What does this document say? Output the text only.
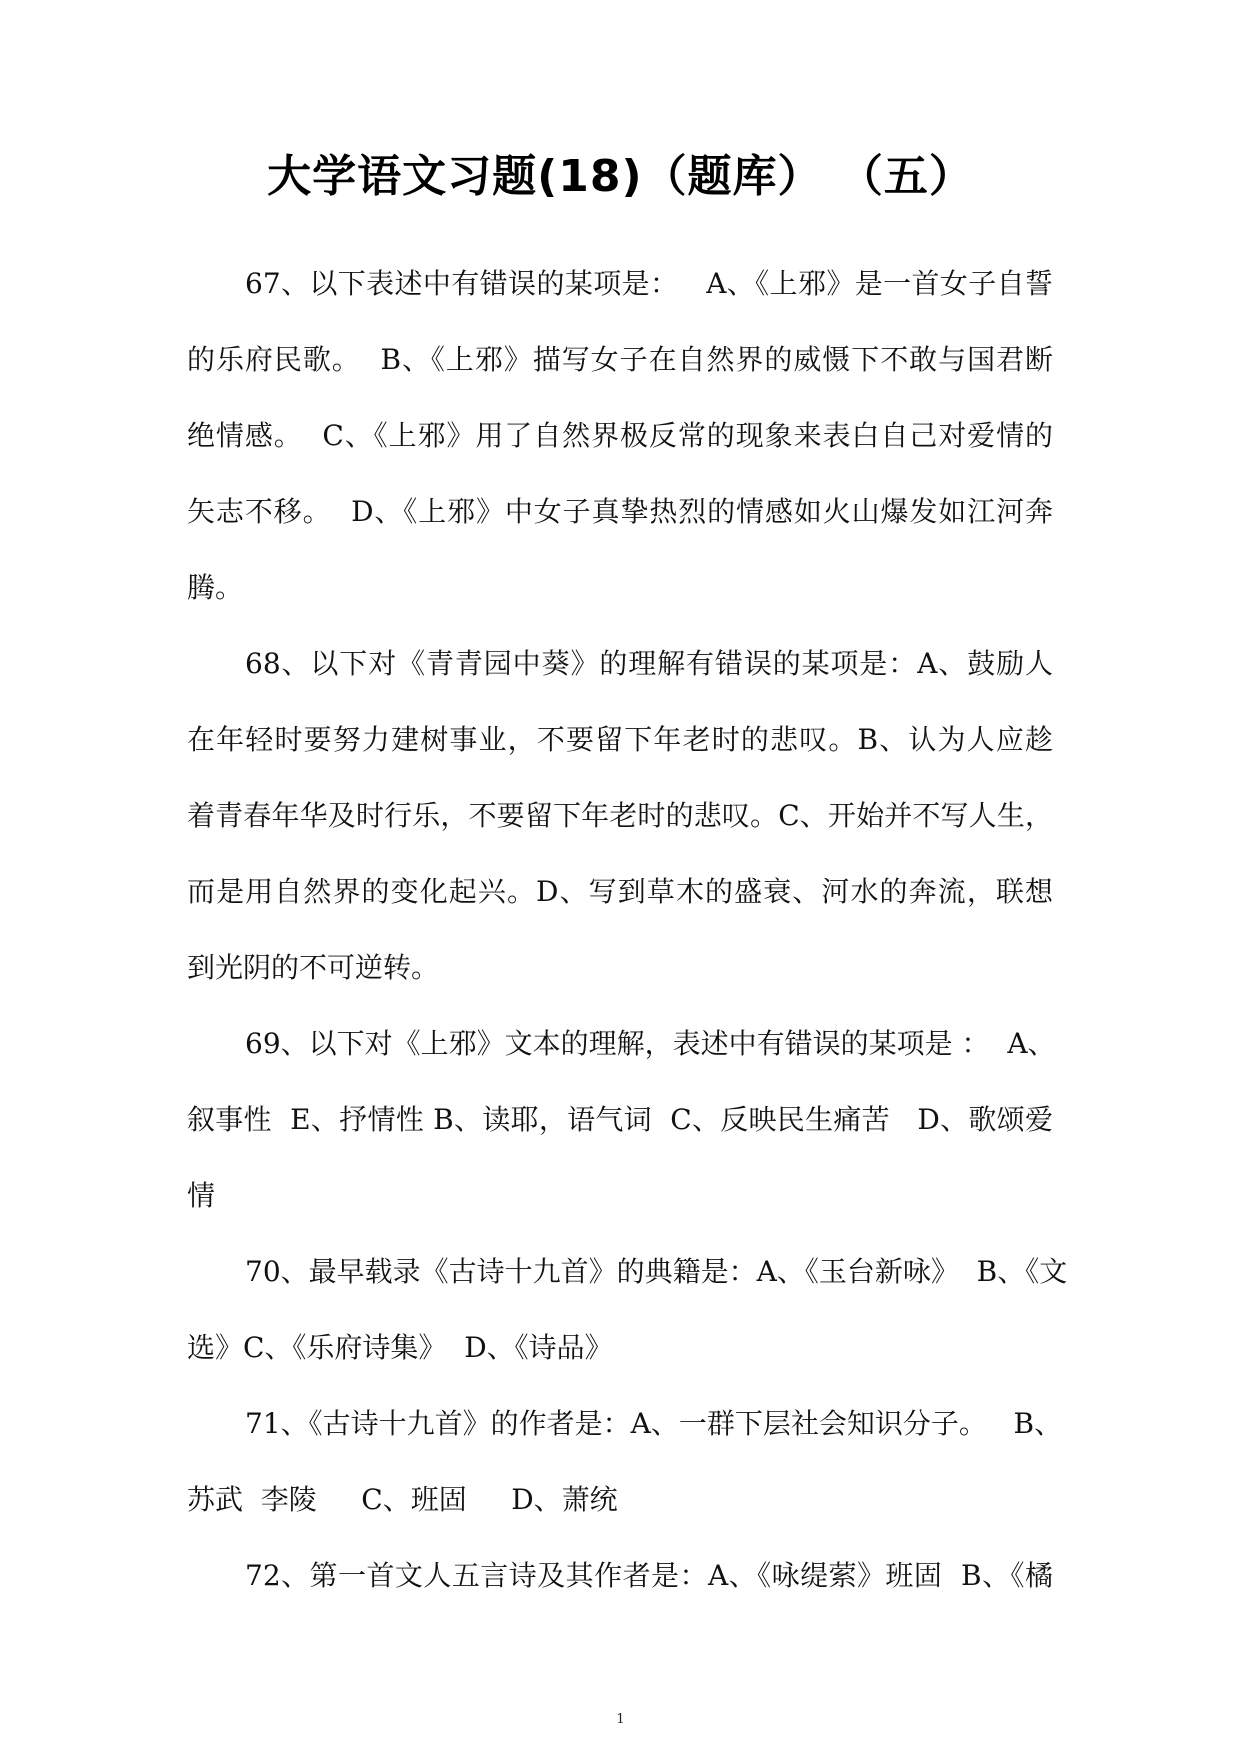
大学语文习题(18)（题库） （五）
67、以下表述中有错误的某项是：   A、《上邪》是一首女子自誓
的乐府民歌。  B、《上邪》描写女子在自然界的威慑下不敢与国君断
绝情感。  C、《上邪》用了自然界极反常的现象来表白自己对爱情的
矢志不移。  D、《上邪》中女子真挚热烈的情感如火山爆发如江河奔
腾。
68、以下对《青青园中葵》的理解有错误的某项是：A、鼓励人
在年轻时要努力建树事业，不要留下年老时的悲叹。B、认为人应趁
着青春年华及时行乐，不要留下年老时的悲叹。C、开始并不写人生，
而是用自然界的变化起兴。D、写到草木的盛衰、河水的奔流，联想
到光阴的不可逆转。
69、以下对《上邪》文本的理解，表述中有错误的某项是 ：  A、
叙事性  E、抒情性 B、读耶，语气词  C、反映民生痛苦   D、歌颂爱
情
70、最早载录《古诗十九首》的典籍是：A、《玉台新咏》  B、《文
选》C、《乐府诗集》  D、《诗品》
71、《古诗十九首》的作者是：A、一群下层社会知识分子。   B、
苏武  李陵     C、班固     D、萧统
72、第一首文人五言诗及其作者是：A、《咏缇萦》班固  B、《橘
1
